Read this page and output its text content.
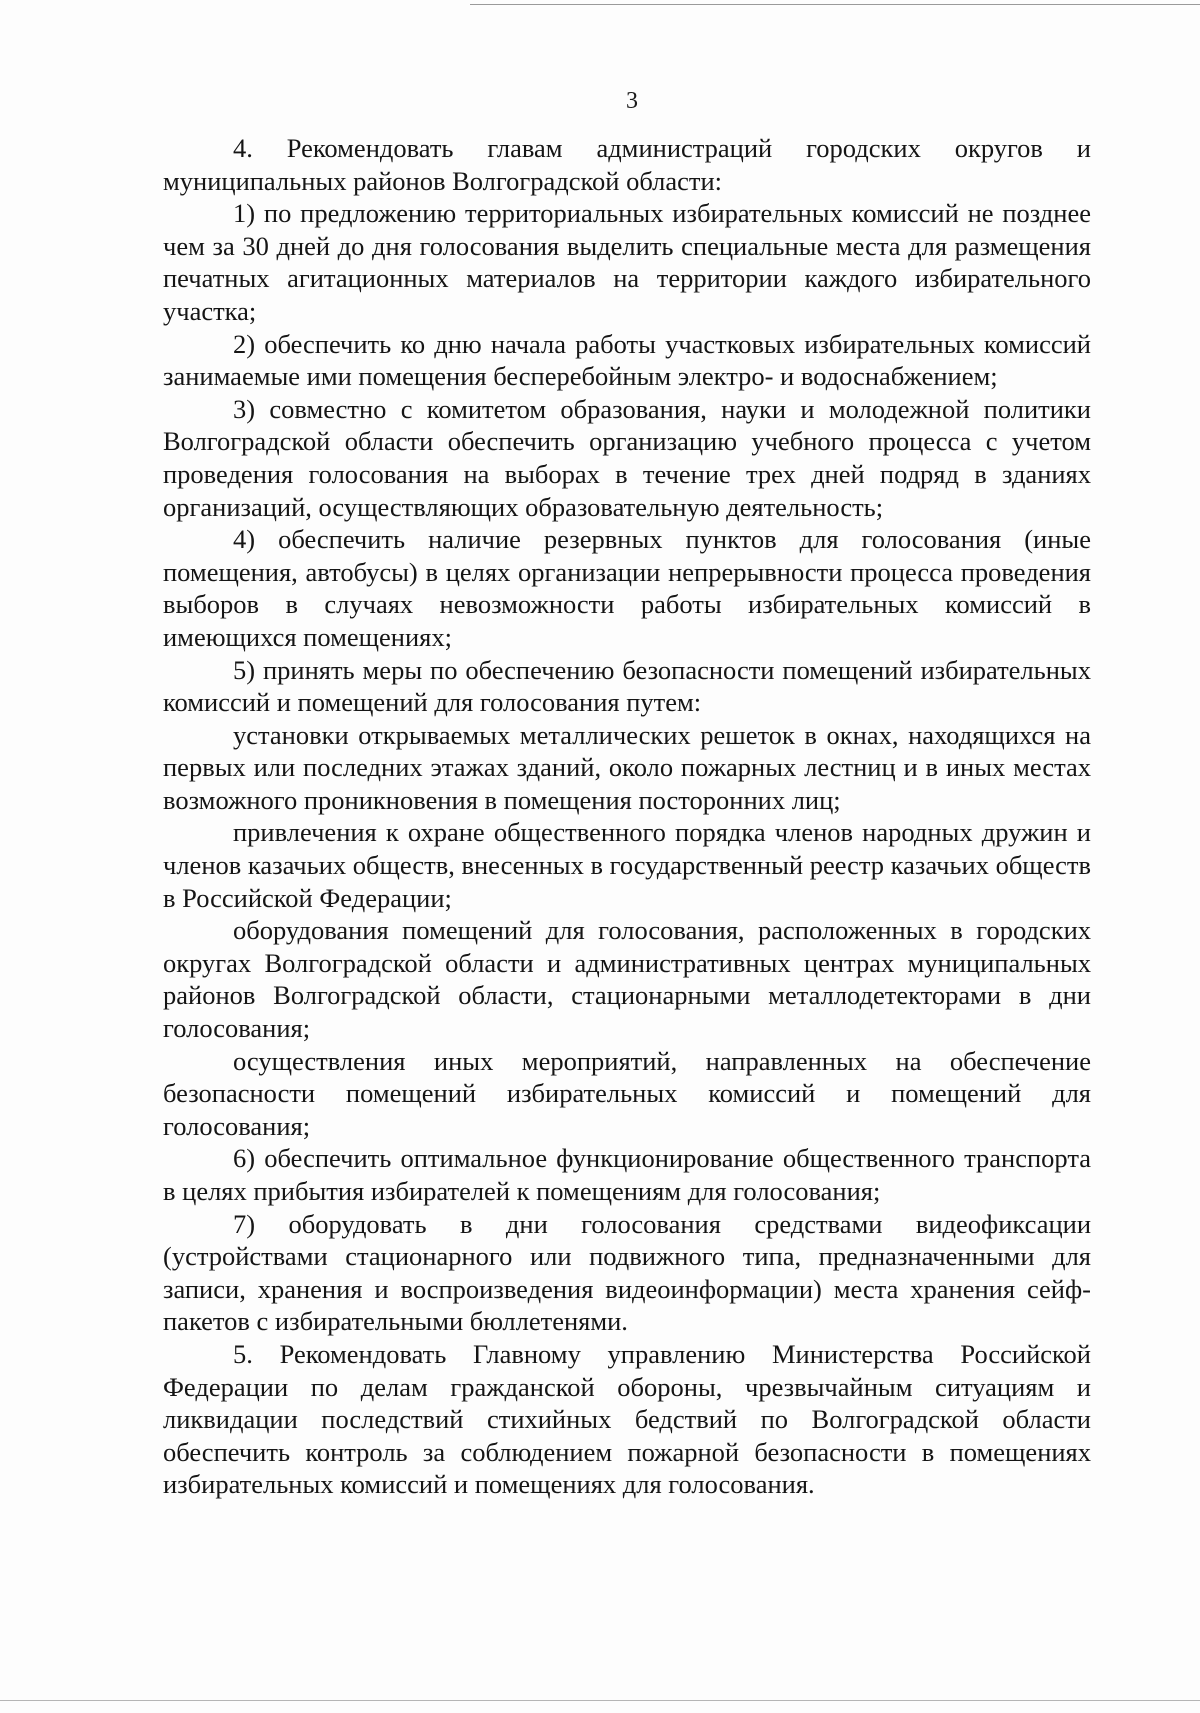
3

4. Рекомендовать главам администраций городских округов и муниципальных районов Волгоградской области:

1) по предложению территориальных избирательных комиссий не позднее чем за 30 дней до дня голосования выделить специальные места для размещения печатных агитационных материалов на территории каждого избирательного участка;

2) обеспечить ко дню начала работы участковых избирательных комиссий занимаемые ими помещения бесперебойным электро- и водоснабжением;

3) совместно с комитетом образования, науки и молодежной политики Волгоградской области обеспечить организацию учебного процесса с учетом проведения голосования на выборах в течение трех дней подряд в зданиях организаций, осуществляющих образовательную деятельность;

4) обеспечить наличие резервных пунктов для голосования (иные помещения, автобусы) в целях организации непрерывности процесса проведения выборов в случаях невозможности работы избирательных комиссий в имеющихся помещениях;

5) принять меры по обеспечению безопасности помещений избирательных комиссий и помещений для голосования путем:

установки открываемых металлических решеток в окнах, находящихся на первых или последних этажах зданий, около пожарных лестниц и в иных местах возможного проникновения в помещения посторонних лиц;

привлечения к охране общественного порядка членов народных дружин и членов казачьих обществ, внесенных в государственный реестр казачьих обществ в Российской Федерации;

оборудования помещений для голосования, расположенных в городских округах Волгоградской области и административных центрах муниципальных районов Волгоградской области, стационарными металлодетекторами в дни голосования;

осуществления иных мероприятий, направленных на обеспечение безопасности помещений избирательных комиссий и помещений для голосования;

6) обеспечить оптимальное функционирование общественного транспорта в целях прибытия избирателей к помещениям для голосования;

7) оборудовать в дни голосования средствами видеофиксации (устройствами стационарного или подвижного типа, предназначенными для записи, хранения и воспроизведения видеоинформации) места хранения сейф-пакетов с избирательными бюллетенями.

5. Рекомендовать Главному управлению Министерства Российской Федерации по делам гражданской обороны, чрезвычайным ситуациям и ликвидации последствий стихийных бедствий по Волгоградской области обеспечить контроль за соблюдением пожарной безопасности в помещениях избирательных комиссий и помещениях для голосования.
